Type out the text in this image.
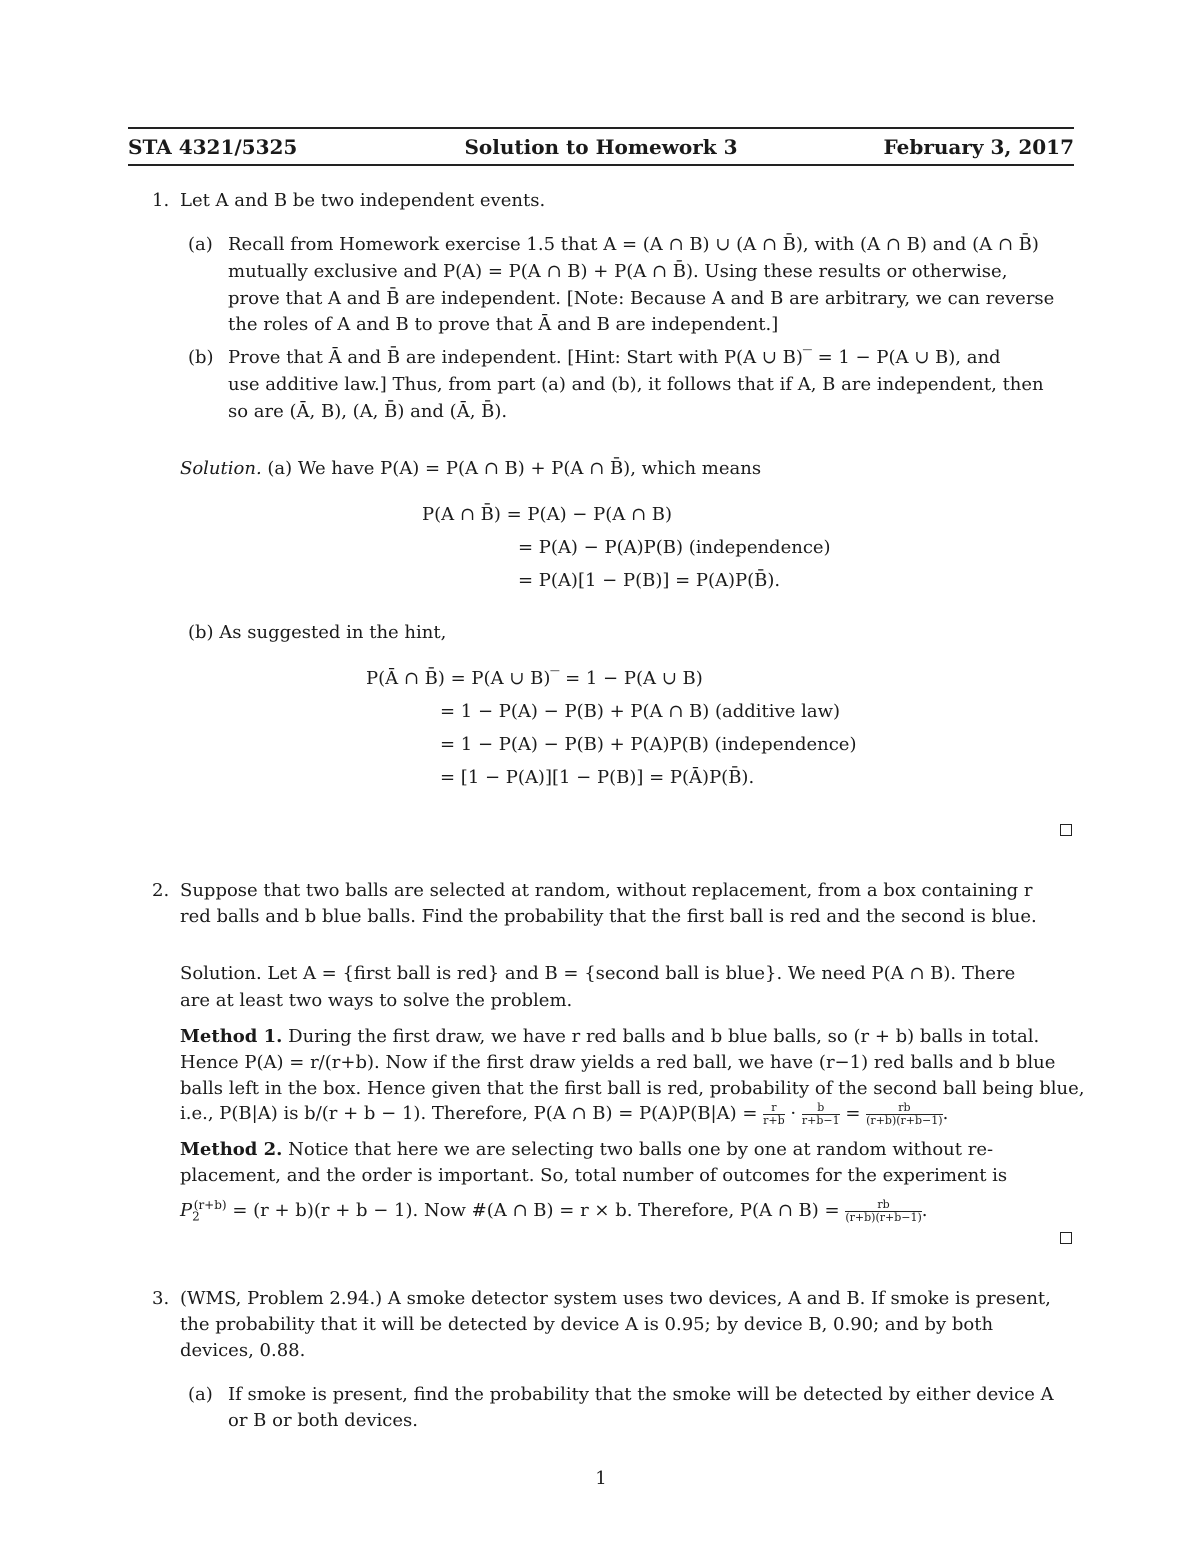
STA 4321/5325	Solution to Homework 3	February 3, 2017
1. Let A and B be two independent events.
(a) Recall from Homework exercise 1.5 that A = (A ∩ B) ∪ (A ∩ B̄), with (A ∩ B) and (A ∩ B̄)
mutually exclusive and P(A) = P(A ∩ B) + P(A ∩ B̄). Using these results or otherwise,
prove that A and B̄ are independent. [Note: Because A and B are arbitrary, we can reverse
the roles of A and B to prove that Ā and B are independent.]
(b) Prove that Ā and B̄ are independent. [Hint: Start with P(A ∪ B)‾ = 1 − P(A ∪ B), and
use additive law.] Thus, from part (a) and (b), it follows that if A, B are independent, then
so are (Ā, B), (A, B̄) and (Ā, B̄).
Solution. (a) We have P(A) = P(A ∩ B) + P(A ∩ B̄), which means
P(A ∩ B̄) = P(A) − P(A ∩ B)
= P(A) − P(A)P(B) (independence)
= P(A)[1 − P(B)] = P(A)P(B̄).
(b) As suggested in the hint,
P(Ā ∩ B̄) = P(A ∪ B)‾ = 1 − P(A ∪ B)
= 1 − P(A) − P(B) + P(A ∩ B) (additive law)
= 1 − P(A) − P(B) + P(A)P(B) (independence)
= [1 − P(A)][1 − P(B)] = P(Ā)P(B̄).
2. Suppose that two balls are selected at random, without replacement, from a box containing r
red balls and b blue balls. Find the probability that the first ball is red and the second is blue.
Solution. Let A = {first ball is red} and B = {second ball is blue}. We need P(A ∩ B). There
are at least two ways to solve the problem.
Method 1. During the first draw, we have r red balls and b blue balls, so (r + b) balls in total.
Hence P(A) = r/(r+b). Now if the first draw yields a red ball, we have (r−1) red balls and b blue
balls left in the box. Hence given that the first ball is red, probability of the second ball being blue,
i.e., P(B|A) is b/(r + b − 1). Therefore, P(A ∩ $B) = P(A)P(B|A) = \frac{r}{r+b} \cdot \frac{b}{r+b-1} = \frac{rb}{(r+b)(r+b-1)}$ .
Method 2. Notice that here we are selecting two balls one by one at random without re-
placement, and the order is important. So, total number of outcomes for the experiment is
$P_2^{(r+b)} = (r + b)(r + b - 1)$. Now #(A ∩ B) = r × b. Therefore, P(A ∩ $B) = \frac{rb}{(r+b)(r+b-1)}$ .
3. (WMS, Problem 2.94.) A smoke detector system uses two devices, A and B. If smoke is present,
the probability that it will be detected by device A is 0.95; by device B, 0.90; and by both
devices, 0.88.
(a) If smoke is present, find the probability that the smoke will be detected by either device A
or B or both devices.
1
